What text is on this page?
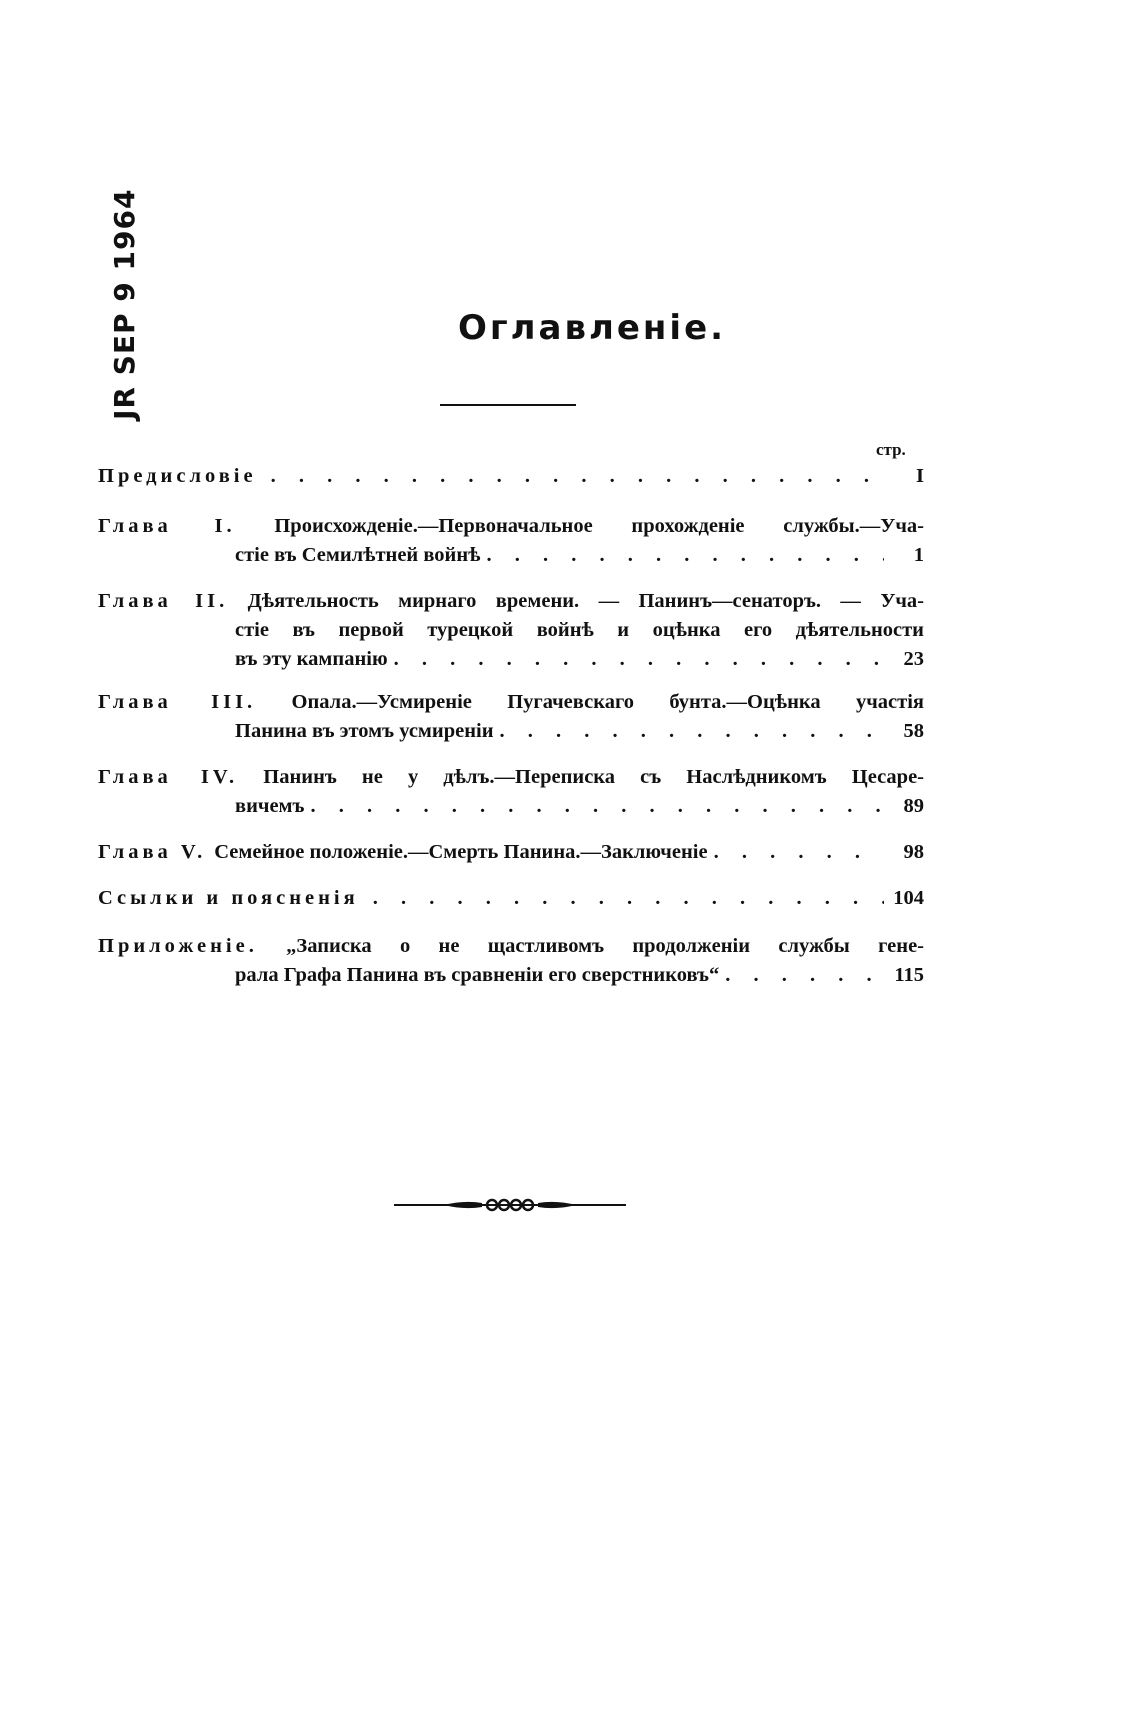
JR SEP 9 1964	Оглавленіе.
стр.
Предисловіе . . .	I
Глава I. Происхожденіе.—Первоначальное прохожденіе службы.—Уча-
стіе въ Семилѣтней войнѣ . . .	1
Глава II. Дѣятельность мирнаго времени. — Панинъ—сенаторъ. — Уча-
стіе въ первой турецкой войнѣ и оцѣнка его дѣятельности
въ эту кампанію . . .	23
Глава III. Опала.—Усмиреніе Пугачевскаго бунта.—Оцѣнка участія
Панина въ этомъ усмиреніи . . .	58
Глава IV. Панинъ не у дѣлъ.—Переписка съ Наслѣдникомъ Цесаре-
вичемъ . . .	89
Глава V. Семейное положеніе.—Смерть Панина.—Заключеніе . . .	98
Ссылки и поясненія . . .	104
Приложеніе. „Записка о не щастливомъ продолженіи службы гене-
рала Графа Панина въ сравненіи его сверстниковъ“ . . .	115
